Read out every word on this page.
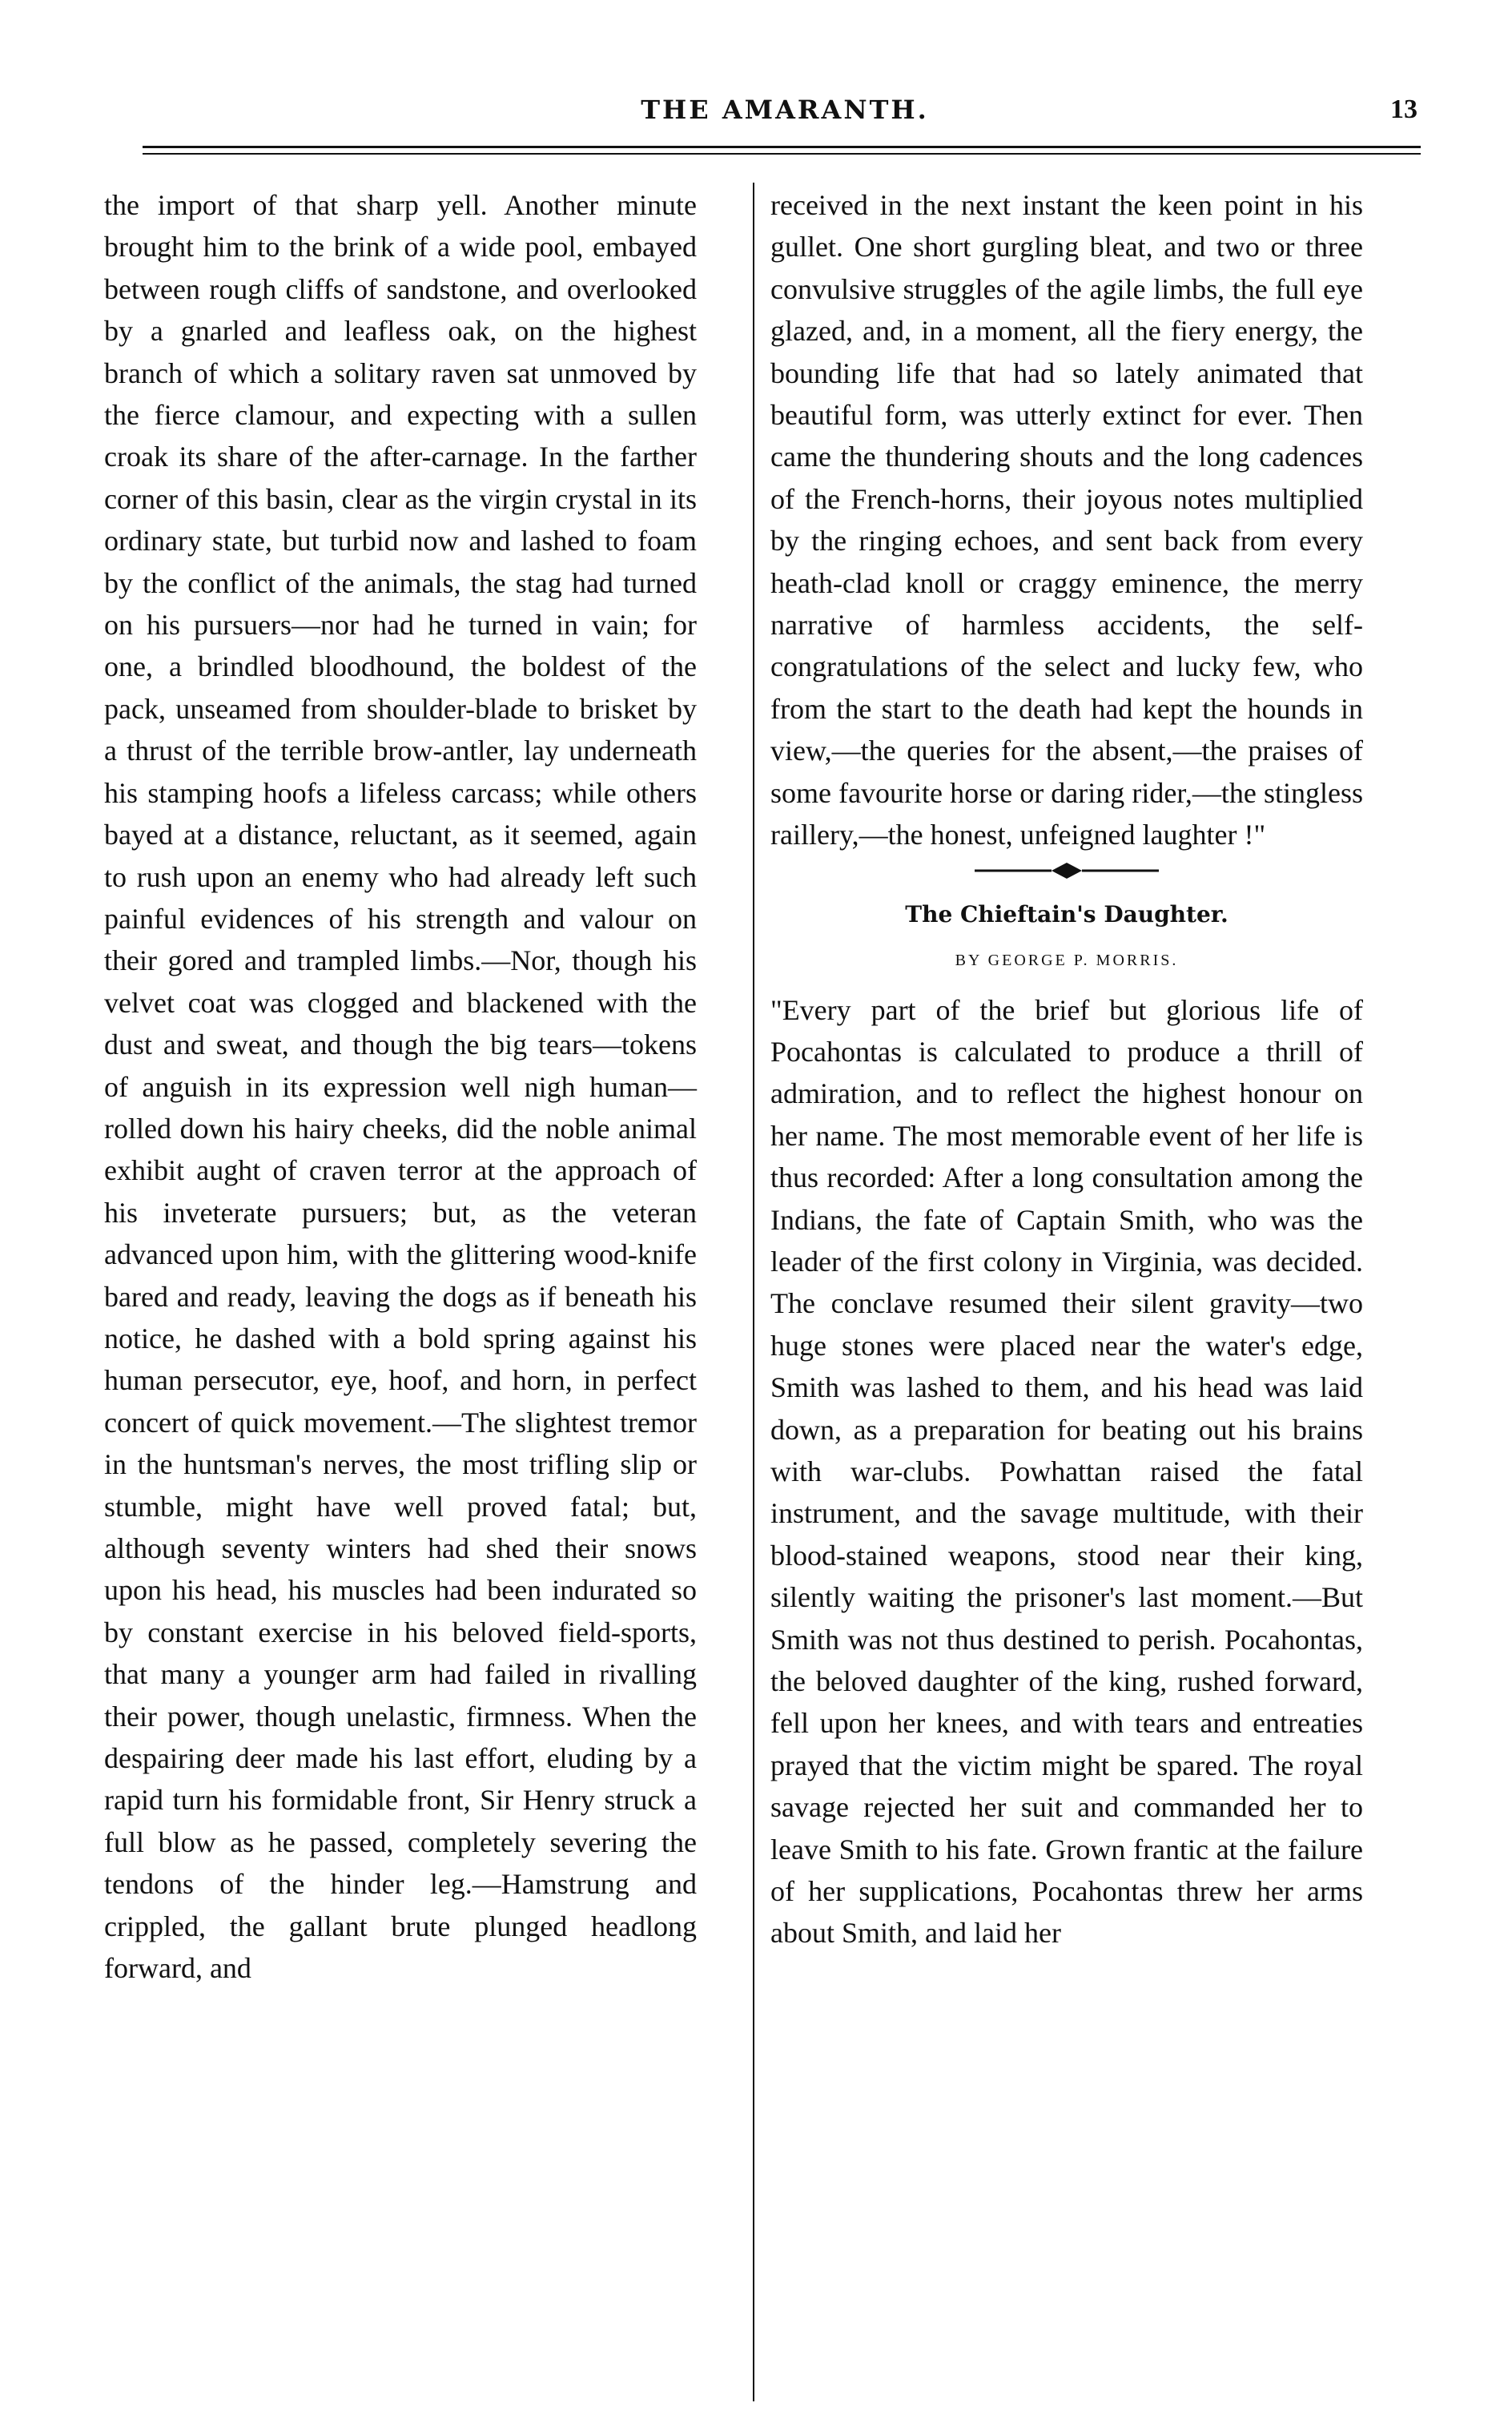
THE AMARANTH.	13

the import of that sharp yell. Another minute brought him to the brink of a wide pool, embayed between rough cliffs of sandstone, and overlooked by a gnarled and leafless oak, on the highest branch of which a solitary raven sat unmoved by the fierce clamour, and expecting with a sullen croak its share of the after-carnage. In the farther corner of this basin, clear as the virgin crystal in its ordinary state, but turbid now and lashed to foam by the conflict of the animals, the stag had turned on his pursuers—nor had he turned in vain; for one, a brindled bloodhound, the boldest of the pack, unseamed from shoulder-blade to brisket by a thrust of the terrible brow-antler, lay underneath his stamping hoofs a lifeless carcass; while others bayed at a distance, reluctant, as it seemed, again to rush upon an enemy who had already left such painful evidences of his strength and valour on their gored and trampled limbs.—Nor, though his velvet coat was clogged and blackened with the dust and sweat, and though the big tears—tokens of anguish in its expression well nigh human—rolled down his hairy cheeks, did the noble animal exhibit aught of craven terror at the approach of his inveterate pursuers; but, as the veteran advanced upon him, with the glittering wood-knife bared and ready, leaving the dogs as if beneath his notice, he dashed with a bold spring against his human persecutor, eye, hoof, and horn, in perfect concert of quick movement.—The slightest tremor in the huntsman's nerves, the most trifling slip or stumble, might have well proved fatal; but, although seventy winters had shed their snows upon his head, his muscles had been indurated so by constant exercise in his beloved field-sports, that many a younger arm had failed in rivalling their power, though unelastic, firmness. When the despairing deer made his last effort, eluding by a rapid turn his formidable front, Sir Henry struck a full blow as he passed, completely severing the tendons of the hinder leg.—Hamstrung and crippled, the gallant brute plunged headlong forward, and

received in the next instant the keen point in his gullet. One short gurgling bleat, and two or three convulsive struggles of the agile limbs, the full eye glazed, and, in a moment, all the fiery energy, the bounding life that had so lately animated that beautiful form, was utterly extinct for ever. Then came the thundering shouts and the long cadences of the French-horns, their joyous notes multiplied by the ringing echoes, and sent back from every heath-clad knoll or craggy eminence, the merry narrative of harmless accidents, the self-congratulations of the select and lucky few, who from the start to the death had kept the hounds in view,—the queries for the absent,—the praises of some favourite horse or daring rider,—the stingless raillery,—the honest, unfeigned laughter !"

The Chieftain's Daughter.
BY GEORGE P. MORRIS.

"Every part of the brief but glorious life of Pocahontas is calculated to produce a thrill of admiration, and to reflect the highest honour on her name. The most memorable event of her life is thus recorded: After a long consultation among the Indians, the fate of Captain Smith, who was the leader of the first colony in Virginia, was decided. The conclave resumed their silent gravity—two huge stones were placed near the water's edge, Smith was lashed to them, and his head was laid down, as a preparation for beating out his brains with war-clubs. Powhattan raised the fatal instrument, and the savage multitude, with their blood-stained weapons, stood near their king, silently waiting the prisoner's last moment.—But Smith was not thus destined to perish. Pocahontas, the beloved daughter of the king, rushed forward, fell upon her knees, and with tears and entreaties prayed that the victim might be spared. The royal savage rejected her suit and commanded her to leave Smith to his fate. Grown frantic at the failure of her supplications, Pocahontas threw her arms about Smith, and laid her
